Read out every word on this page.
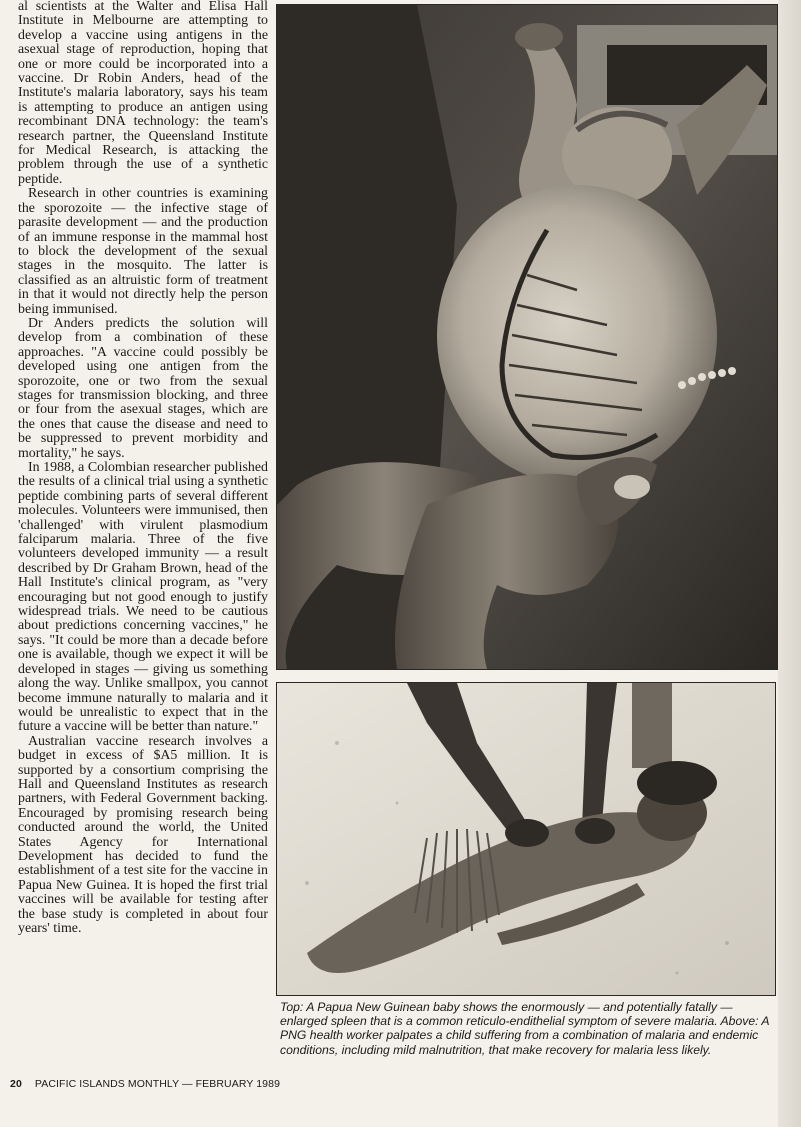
al scientists at the Walter and Elisa Hall Institute in Melbourne are attempting to develop a vaccine using antigens in the asexual stage of reproduction, hoping that one or more could be incorporated into a vaccine. Dr Robin Anders, head of the Institute's malaria laboratory, says his team is attempting to produce an antigen using recombinant DNA technology: the team's research partner, the Queensland Institute for Medical Research, is attacking the problem through the use of a synthetic peptide.

Research in other countries is examining the sporozoite — the infective stage of parasite development — and the production of an immune response in the mammal host to block the development of the sexual stages in the mosquito. The latter is classified as an altruistic form of treatment in that it would not directly help the person being immunised.

Dr Anders predicts the solution will develop from a combination of these approaches. "A vaccine could possibly be developed using one antigen from the sporozoite, one or two from the sexual stages for transmission blocking, and three or four from the asexual stages, which are the ones that cause the disease and need to be suppressed to prevent morbidity and mortality," he says.

In 1988, a Colombian researcher published the results of a clinical trial using a synthetic peptide combining parts of several different molecules. Volunteers were immunised, then 'challenged' with virulent plasmodium falciparum malaria. Three of the five volunteers developed immunity — a result described by Dr Graham Brown, head of the Hall Institute's clinical program, as "very encouraging but not good enough to justify widespread trials. We need to be cautious about predictions concerning vaccines," he says. "It could be more than a decade before one is available, though we expect it will be developed in stages — giving us something along the way. Unlike smallpox, you cannot become immune naturally to malaria and it would be unrealistic to expect that in the future a vaccine will be better than nature."

Australian vaccine research involves a budget in excess of $A5 million. It is supported by a consortium comprising the Hall and Queensland Institutes as research partners, with Federal Government backing. Encouraged by promising research being conducted around the world, the United States Agency for International Development has decided to fund the establishment of a test site for the vaccine in Papua New Guinea. It is hoped the first trial vaccines will be available for testing after the base study is completed in about four years' time.

Top: A Papua New Guinean baby shows the enormously — and potentially fatally — enlarged spleen that is a common reticulo-endithelial symptom of severe malaria. Above: A PNG health worker palpates a child suffering from a combination of malaria and endemic conditions, including mild malnutrition, that make recovery for malaria less likely.
20 PACIFIC ISLANDS MONTHLY — FEBRUARY 1989
